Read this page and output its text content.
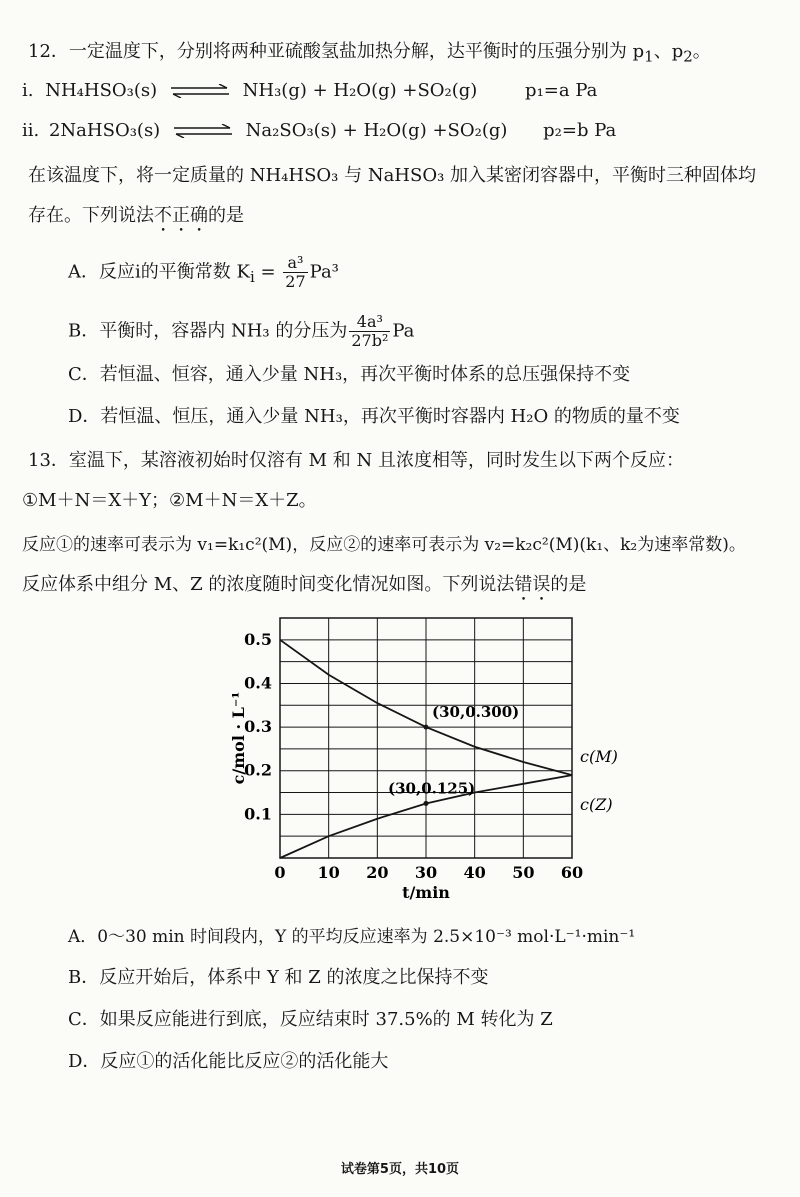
12．一定温度下，分别将两种亚硫酸氢盐加热分解，达平衡时的压强分别为 $p_1$、$p_2$。
i. NH₄HSO₃(s) ⇌ NH₃(g) + H₂O(g) +SO₂(g)	p₁=a Pa
ii. 2NaHSO₃(s) ⇌ Na₂SO₃(s) + H₂O(g) +SO₂(g) p₂=b Pa
在该温度下，将一定质量的 NH₄HSO₃ 与 NaHSO₃ 加入某密闭容器中，平衡时三种固体均
存在。下列说法不正确的是
A．反应i的平衡常数 $K_i = \frac{\text{a³}}{27} Pa^3$
B．平衡时，容器内 NH₃ 的分压为 $\frac{\text{4a³}}{\text{27b²}}$ Pa
C．若恒温、恒容，通入少量 NH₃，再次平衡时体系的总压强保持不变
D．若恒温、恒压，通入少量 NH₃，再次平衡时容器内 H₂O 的物质的量不变
13．室温下，某溶液初始时仅溶有 M 和 N 且浓度相等，同时发生以下两个反应：
①M＋N＝X＋Y；②M＋N＝X＋Z。
反应①的速率可表示为 v₁=k₁c²(M)，反应②的速率可表示为 v₂=k₂c²(M)(k₁、k₂为速率常数)。
反应体系中组分 M、Z 的浓度随时间变化情况如图。下列说法错误的是
0 10 20 30 40 50 60
0.1
0.2
0.3
0.4
0.5
c(M)
c(Z)
(30,0.300)
(30,0.125)
t/min
c/mol · L⁻¹
A．0～30 min 时间段内，Y 的平均反应速率为 2.5×10⁻³ mol·L⁻¹·min⁻¹
B．反应开始后，体系中 Y 和 Z 的浓度之比保持不变
C．如果反应能进行到底，反应结束时 37.5%的 M 转化为 Z
D．反应①的活化能比反应②的活化能大
试卷第5页，共10页
